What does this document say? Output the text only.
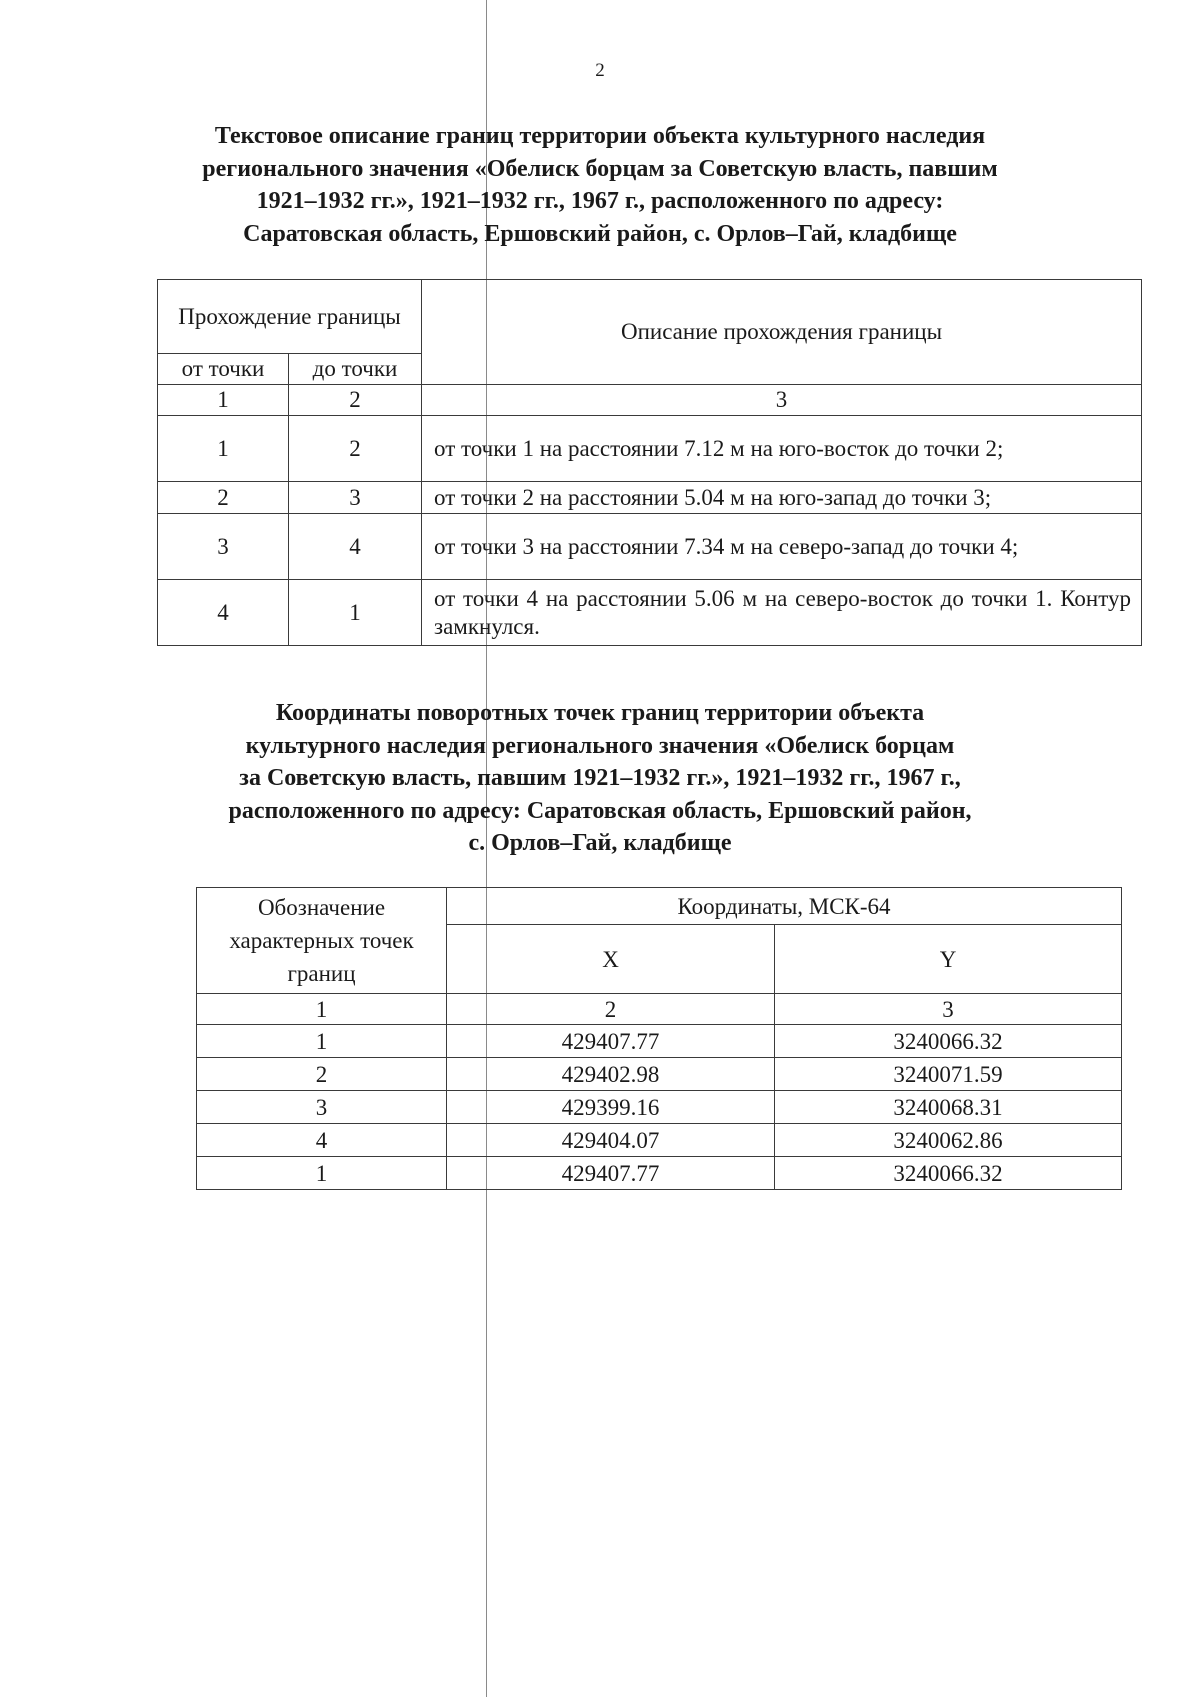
2
Текстовое описание границ территории объекта культурного наследия
регионального значения «Обелиск борцам за Советскую власть, павшим
1921–1932 гг.», 1921–1932 гг., 1967 г., расположенного по адресу:
Саратовская область, Ершовский район, с. Орлов–Гай, кладбище
Прохождение границы		Описание прохождения границы
от точки	до точки	
1	2	3
1	2	от точки 1 на расстоянии 7.12 м на юго-восток до точки 2;
2	3	от точки 2 на расстоянии 5.04 м на юго-запад до точки 3;
3	4	от точки 3 на расстоянии 7.34 м на северо-запад до точки 4;
4	1	от точки 4 на расстоянии 5.06 м на северо-восток до точки 1. Контур замкнулся.
Координаты поворотных точек границ территории объекта
культурного наследия регионального значения «Обелиск борцам
за Советскую власть, павшим 1921–1932 гг.», 1921–1932 гг., 1967 г.,
расположенного по адресу: Саратовская область, Ершовский район,
с. Орлов–Гай, кладбище
Обозначение характерных точек границ	Координаты, МСК-64	
	X	Y
1	2	3
1	429407.77	3240066.32
2	429402.98	3240071.59
3	429399.16	3240068.31
4	429404.07	3240062.86
1	429407.77	3240066.32
